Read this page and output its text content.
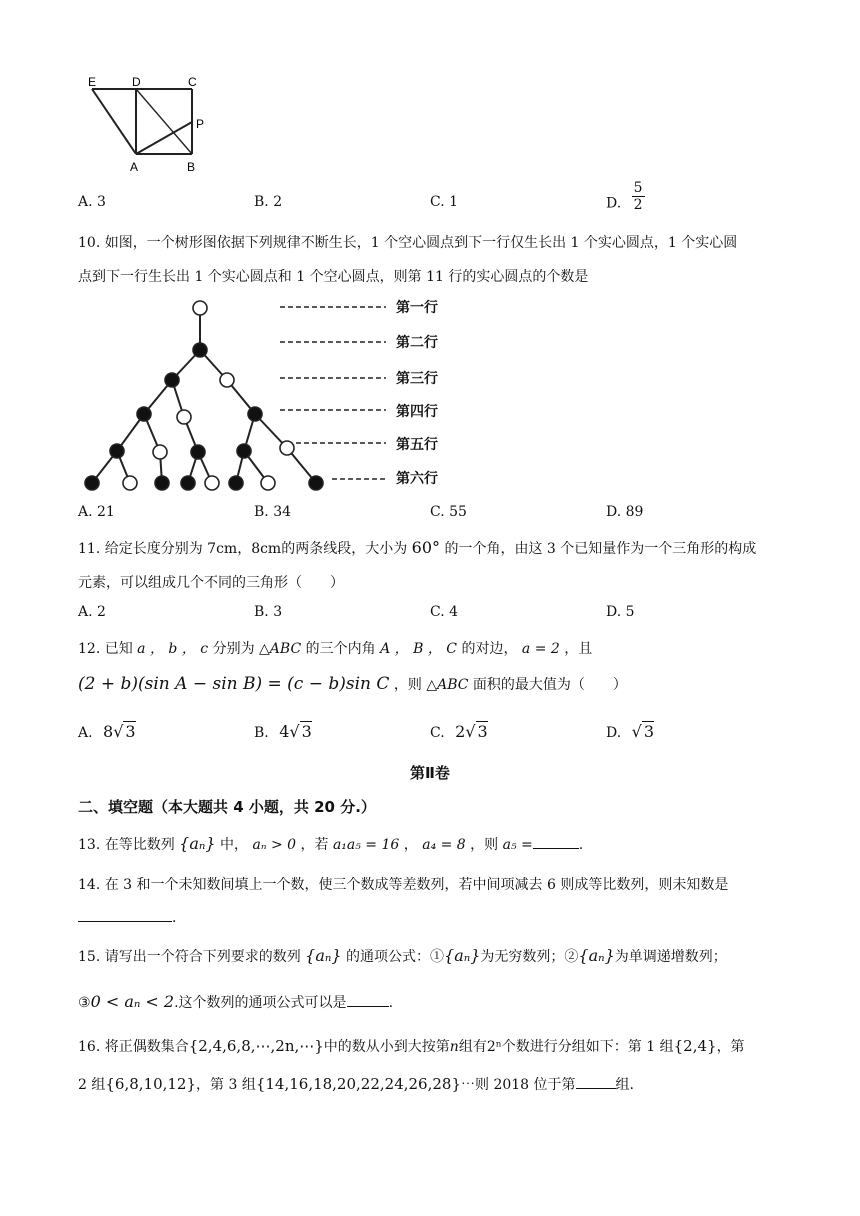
E	D	C
P
A	B
A. 3	B. 2	C. 1	D. $\frac{5}{2}$
10. 如图，一个树形图依据下列规律不断生长，1 个空心圆点到下一行仅生长出 1 个实心圆点，1 个实心圆
点到下一行生长出 1 个实心圆点和 1 个空心圆点，则第 11 行的实心圆点的个数是
第一行
第二行
第三行
第四行
第五行
第六行
A. 21	B. 34	C. 55	D. 89
11. 给定长度分别为 7cm，8cm的两条线段，大小为 60° 的一个角，由这 3 个已知量作为一个三角形的构成
元素，可以组成几个不同的三角形（　　）
A. 2	B. 3	C. 4	D. 5
12. 已知 a ， b ， c 分别为 △ABC 的三个内角 A ， B ， C 的对边， a = 2 ，且
(2 + b)(sin A − sin B) = (c − b)sin C ，则 △ABC 面积的最大值为（　　）
A. 8√ 3	B. 4√ 3	C. 2√ 3	D. √ 3
第Ⅱ卷
二、填空题（本大题共 4 小题，共 20 分.）
13. 在等比数列 {aₙ} 中， aₙ > 0 ，若 a₁a₅ = 16 ， a₄ = 8 ，则 a₅ =	.
14. 在 3 和一个未知数间填上一个数，使三个数成等差数列，若中间项减去 6 则成等比数列，则未知数是
.
15. 请写出一个符合下列要求的数列 {aₙ} 的通项公式：①{aₙ}为无穷数列；②{aₙ}为单调递增数列；
③0 < aₙ < 2.这个数列的通项公式可以是	.
16. 将正偶数集合{2,4,6,8,⋯,2n,⋯}中的数从小到大按第n组有2ⁿ个数进行分组如下：第 1 组{2,4}，第
2 组{6,8,10,12}，第 3 组{14,16,18,20,22,24,26,28}⋯则 2018 位于第	组.
